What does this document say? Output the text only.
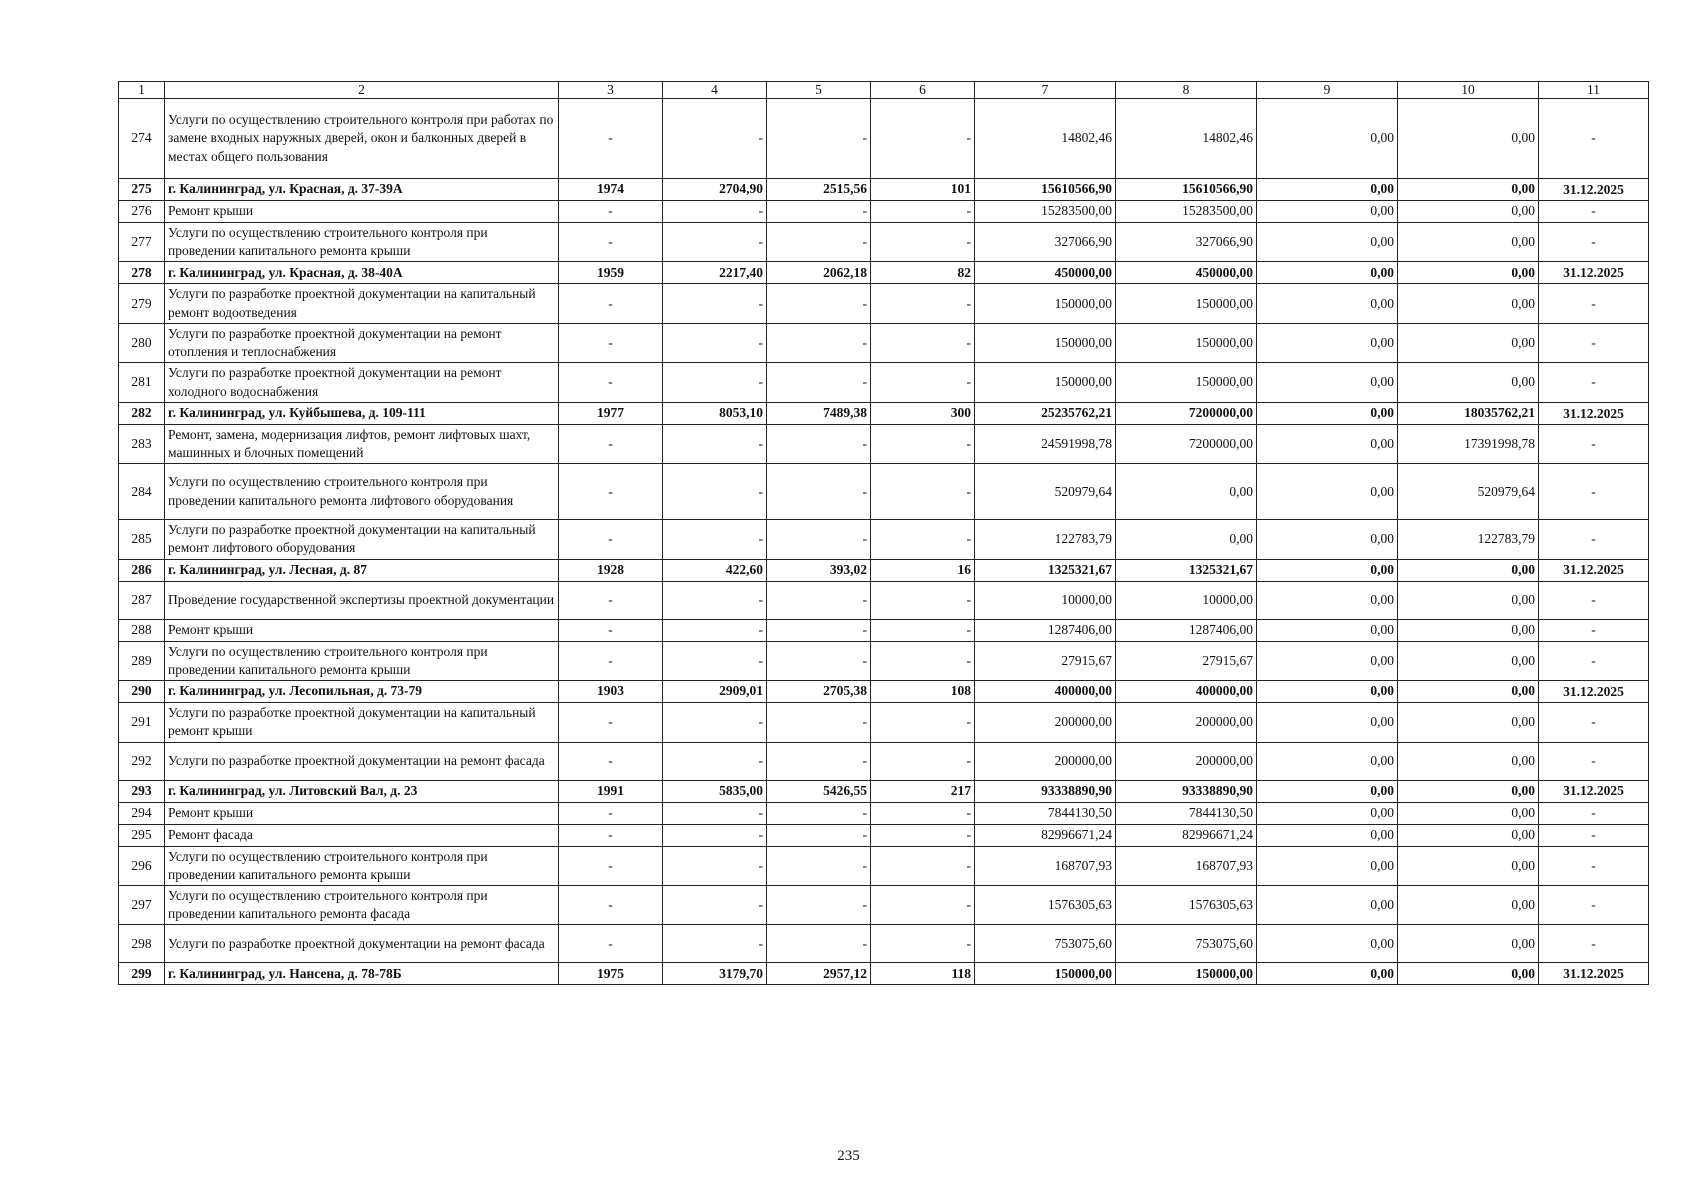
1	2	3	4	5	6	7	8	9	10	11
274	Услуги по осуществлению строительного контроля при работах по замене входных наружных дверей, окон и балконных дверей в местах общего пользования	-	-	-	-	14802,46	14802,46	0,00	0,00	-
275	г. Калининград, ул. Красная, д. 37-39А	1974	2704,90	2515,56	101	15610566,90	15610566,90	0,00	0,00	31.12.2025
276	Ремонт крыши	-	-	-	-	15283500,00	15283500,00	0,00	0,00	-
277	Услуги по осуществлению строительного контроля при проведении капитального ремонта крыши	-	-	-	-	327066,90	327066,90	0,00	0,00	-
278	г. Калининград, ул. Красная, д. 38-40А	1959	2217,40	2062,18	82	450000,00	450000,00	0,00	0,00	31.12.2025
279	Услуги по разработке проектной документации на капитальный ремонт водоотведения	-	-	-	-	150000,00	150000,00	0,00	0,00	-
280	Услуги по разработке проектной документации на ремонт отопления и теплоснабжения	-	-	-	-	150000,00	150000,00	0,00	0,00	-
281	Услуги по разработке проектной документации на ремонт холодного водоснабжения	-	-	-	-	150000,00	150000,00	0,00	0,00	-
282	г. Калининград, ул. Куйбышева, д. 109-111	1977	8053,10	7489,38	300	25235762,21	7200000,00	0,00	18035762,21	31.12.2025
283	Ремонт, замена, модернизация лифтов, ремонт лифтовых шахт, машинных и блочных помещений	-	-	-	-	24591998,78	7200000,00	0,00	17391998,78	-
284	Услуги по осуществлению строительного контроля при проведении капитального ремонта лифтового оборудования	-	-	-	-	520979,64	0,00	0,00	520979,64	-
285	Услуги по разработке проектной документации на капитальный ремонт лифтового оборудования	-	-	-	-	122783,79	0,00	0,00	122783,79	-
286	г. Калининград, ул. Лесная, д. 87	1928	422,60	393,02	16	1325321,67	1325321,67	0,00	0,00	31.12.2025
287	Проведение государственной экспертизы проектной документации	-	-	-	-	10000,00	10000,00	0,00	0,00	-
288	Ремонт крыши	-	-	-	-	1287406,00	1287406,00	0,00	0,00	-
289	Услуги по осуществлению строительного контроля при проведении капитального ремонта крыши	-	-	-	-	27915,67	27915,67	0,00	0,00	-
290	г. Калининград, ул. Лесопильная, д. 73-79	1903	2909,01	2705,38	108	400000,00	400000,00	0,00	0,00	31.12.2025
291	Услуги по разработке проектной документации на капитальный ремонт крыши	-	-	-	-	200000,00	200000,00	0,00	0,00	-
292	Услуги по разработке проектной документации на ремонт фасада	-	-	-	-	200000,00	200000,00	0,00	0,00	-
293	г. Калининград, ул. Литовский Вал, д. 23	1991	5835,00	5426,55	217	93338890,90	93338890,90	0,00	0,00	31.12.2025
294	Ремонт крыши	-	-	-	-	7844130,50	7844130,50	0,00	0,00	-
295	Ремонт фасада	-	-	-	-	82996671,24	82996671,24	0,00	0,00	-
296	Услуги по осуществлению строительного контроля при проведении капитального ремонта крыши	-	-	-	-	168707,93	168707,93	0,00	0,00	-
297	Услуги по осуществлению строительного контроля при проведении капитального ремонта фасада	-	-	-	-	1576305,63	1576305,63	0,00	0,00	-
298	Услуги по разработке проектной документации на ремонт фасада	-	-	-	-	753075,60	753075,60	0,00	0,00	-
299	г. Калининград, ул. Нансена, д. 78-78Б	1975	3179,70	2957,12	118	150000,00	150000,00	0,00	0,00	31.12.2025
235
